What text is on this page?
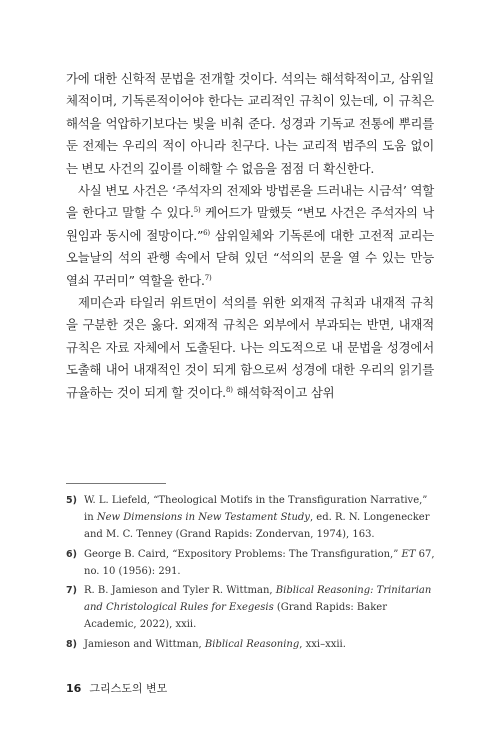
가에 대한 신학적 문법을 전개할 것이다. 석의는 해석학적이고, 삼위일체적이며, 기독론적이어야 한다는 교리적인 규칙이 있는데, 이 규칙은 해석을 억압하기보다는 빛을 비춰 준다. 성경과 기독교 전통에 뿌리를 둔 전제는 우리의 적이 아니라 친구다. 나는 교리적 범주의 도움 없이는 변모 사건의 깊이를 이해할 수 없음을 점점 더 확신한다.

사실 변모 사건은 ‘주석자의 전제와 방법론을 드러내는 시금석’ 역할을 한다고 말할 수 있다.$^{5)}$ 케어드가 말했듯 “변모 사건은 주석자의 낙원임과 동시에 절망이다.”$^{6)}$ 삼위일체와 기독론에 대한 고전적 교리는 오늘날의 석의 관행 속에서 닫혀 있던 “석의의 문을 열 수 있는 만능 열쇠 꾸러미” 역할을 한다.$^{7)}$

제미슨과 타일러 위트먼이 석의를 위한 외재적 규칙과 내재적 규칙을 구분한 것은 옳다. 외재적 규칙은 외부에서 부과되는 반면, 내재적 규칙은 자료 자체에서 도출된다. 나는 의도적으로 내 문법을 성경에서 도출해 내어 내재적인 것이 되게 함으로써 성경에 대한 우리의 읽기를 규율하는 것이 되게 할 것이다.$^{8)}$ 해석학적이고 삼위

5) W. L. Liefeld, “Theological Motifs in the Transfiguration Narrative,” in New Dimensions in New Testament Study, ed. R. N. Longenecker and M. C. Tenney (Grand Rapids: Zondervan, 1974), 163.
6) George B. Caird, “Expository Problems: The Transfiguration,” ET 67, no. 10 (1956): 291.
7) R. B. Jamieson and Tyler R. Wittman, Biblical Reasoning: Trinitarian and Christological Rules for Exegesis (Grand Rapids: Baker Academic, 2022), xxii.
8) Jamieson and Wittman, Biblical Reasoning, xxi–xxii.
16 그리스도의 변모
